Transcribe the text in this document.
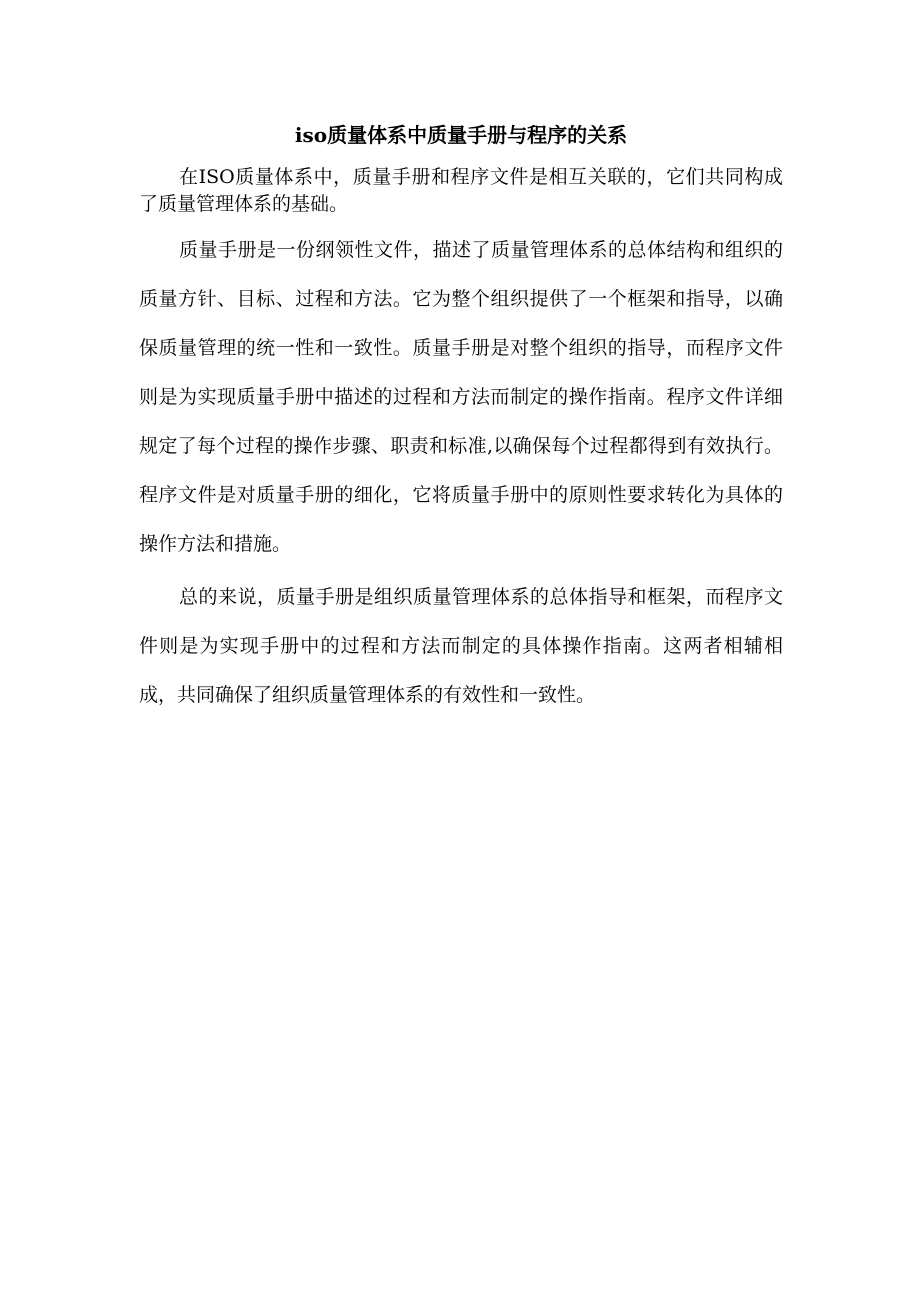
iso质量体系中质量手册与程序的关系

在ISO质量体系中，质量手册和程序文件是相互关联的，它们共同构成了质量管理体系的基础。

质量手册是一份纲领性文件，描述了质量管理体系的总体结构和组织的质量方针、目标、过程和方法。它为整个组织提供了一个框架和指导，以确保质量管理的统一性和一致性。质量手册是对整个组织的指导，而程序文件则是为实现质量手册中描述的过程和方法而制定的操作指南。程序文件详细规定了每个过程的操作步骤、职责和标准,以确保每个过程都得到有效执行。程序文件是对质量手册的细化，它将质量手册中的原则性要求转化为具体的操作方法和措施。

总的来说，质量手册是组织质量管理体系的总体指导和框架，而程序文件则是为实现手册中的过程和方法而制定的具体操作指南。这两者相辅相成，共同确保了组织质量管理体系的有效性和一致性。
